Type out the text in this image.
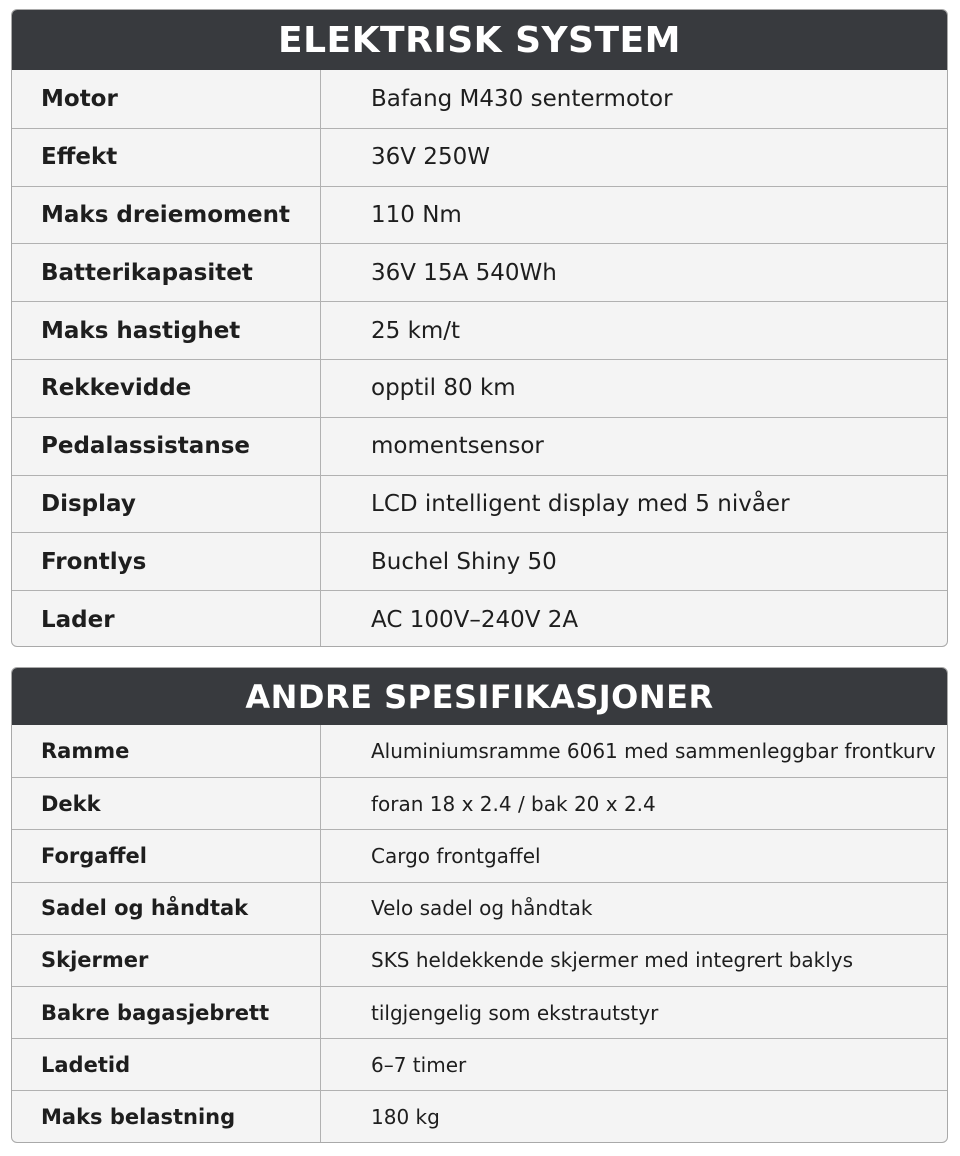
ELEKTRISK SYSTEM
Motor	Bafang M430 sentermotor
Effekt	36V 250W
Maks dreiemoment	110 Nm
Batterikapasitet	36V 15A 540Wh
Maks hastighet	25 km/t
Rekkevidde	opptil 80 km
Pedalassistanse	momentsensor
Display	LCD intelligent display med 5 nivåer
Frontlys	Buchel Shiny 50
Lader	AC 100V–240V 2A
ANDRE SPESIFIKASJONER
Ramme	Aluminiumsramme 6061 med sammenleggbar frontkurv
Dekk	foran 18 x 2.4 / bak 20 x 2.4
Forgaffel	Cargo frontgaffel
Sadel og håndtak	Velo sadel og håndtak
Skjermer	SKS heldekkende skjermer med integrert baklys
Bakre bagasjebrett	tilgjengelig som ekstrautstyr
Ladetid	6–7 timer
Maks belastning	180 kg
